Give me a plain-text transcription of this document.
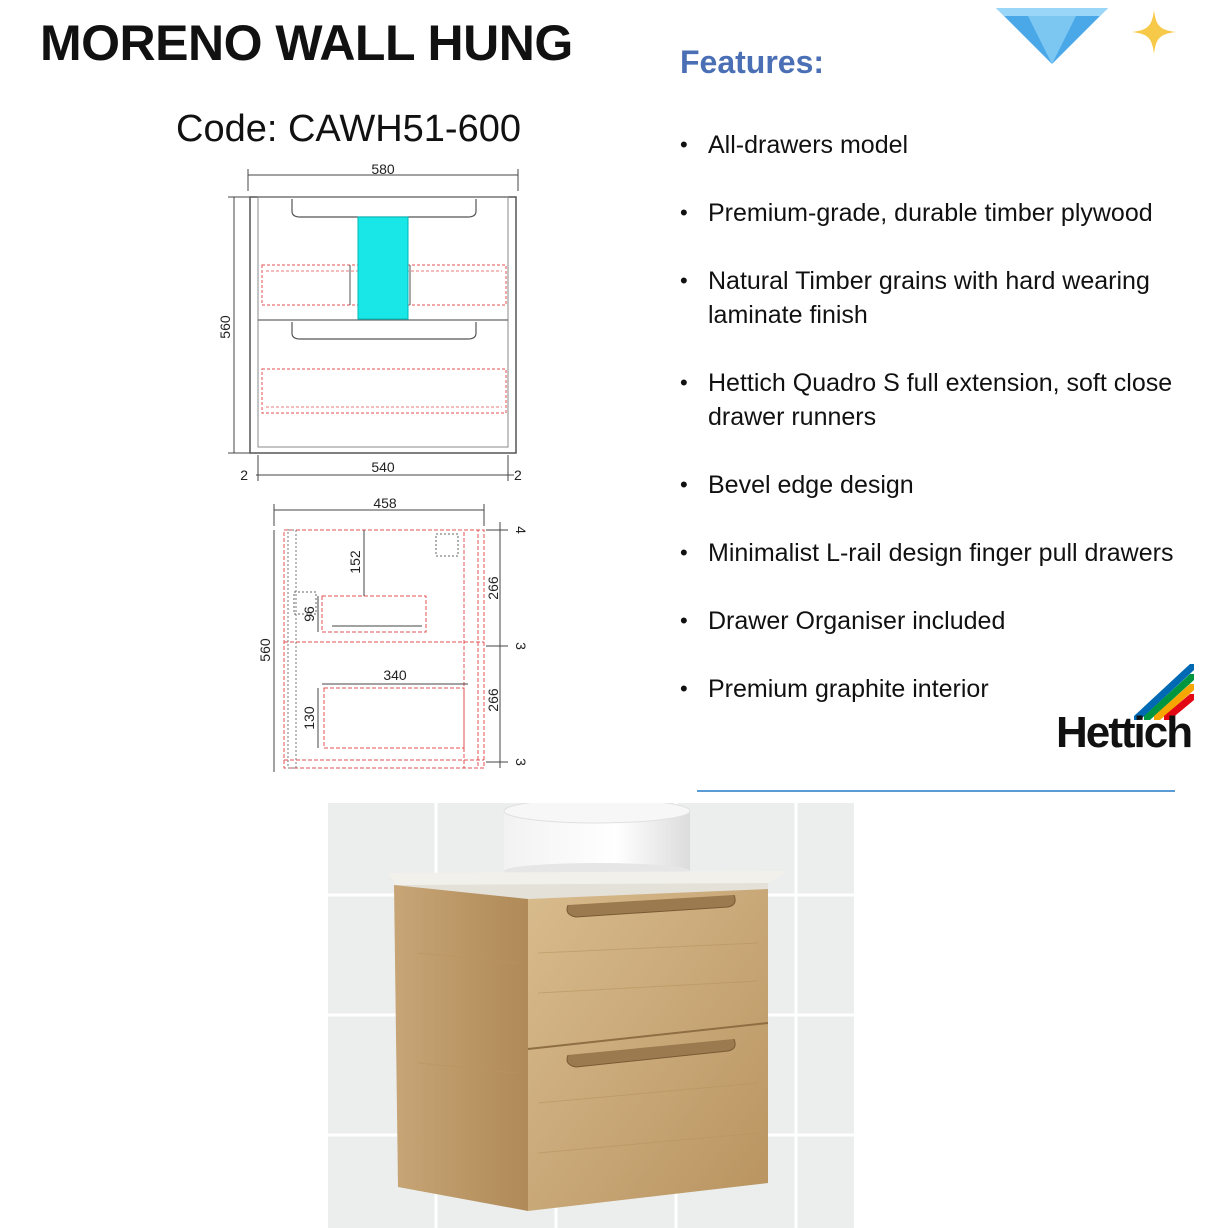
MORENO WALL HUNG
Code: CAWH51-600
Features:
• All-drawers model
• Premium-grade, durable timber plywood
• Natural Timber grains with hard wearing laminate finish
• Hettich Quadro S full extension, soft close drawer runners
• Bevel edge design
• Minimalist L-rail design finger pull drawers
• Drawer Organiser included
• Premium graphite interior
Hettich
580
560
540
2	2
458
560
152
96
340
130
4
266
3
266
3
